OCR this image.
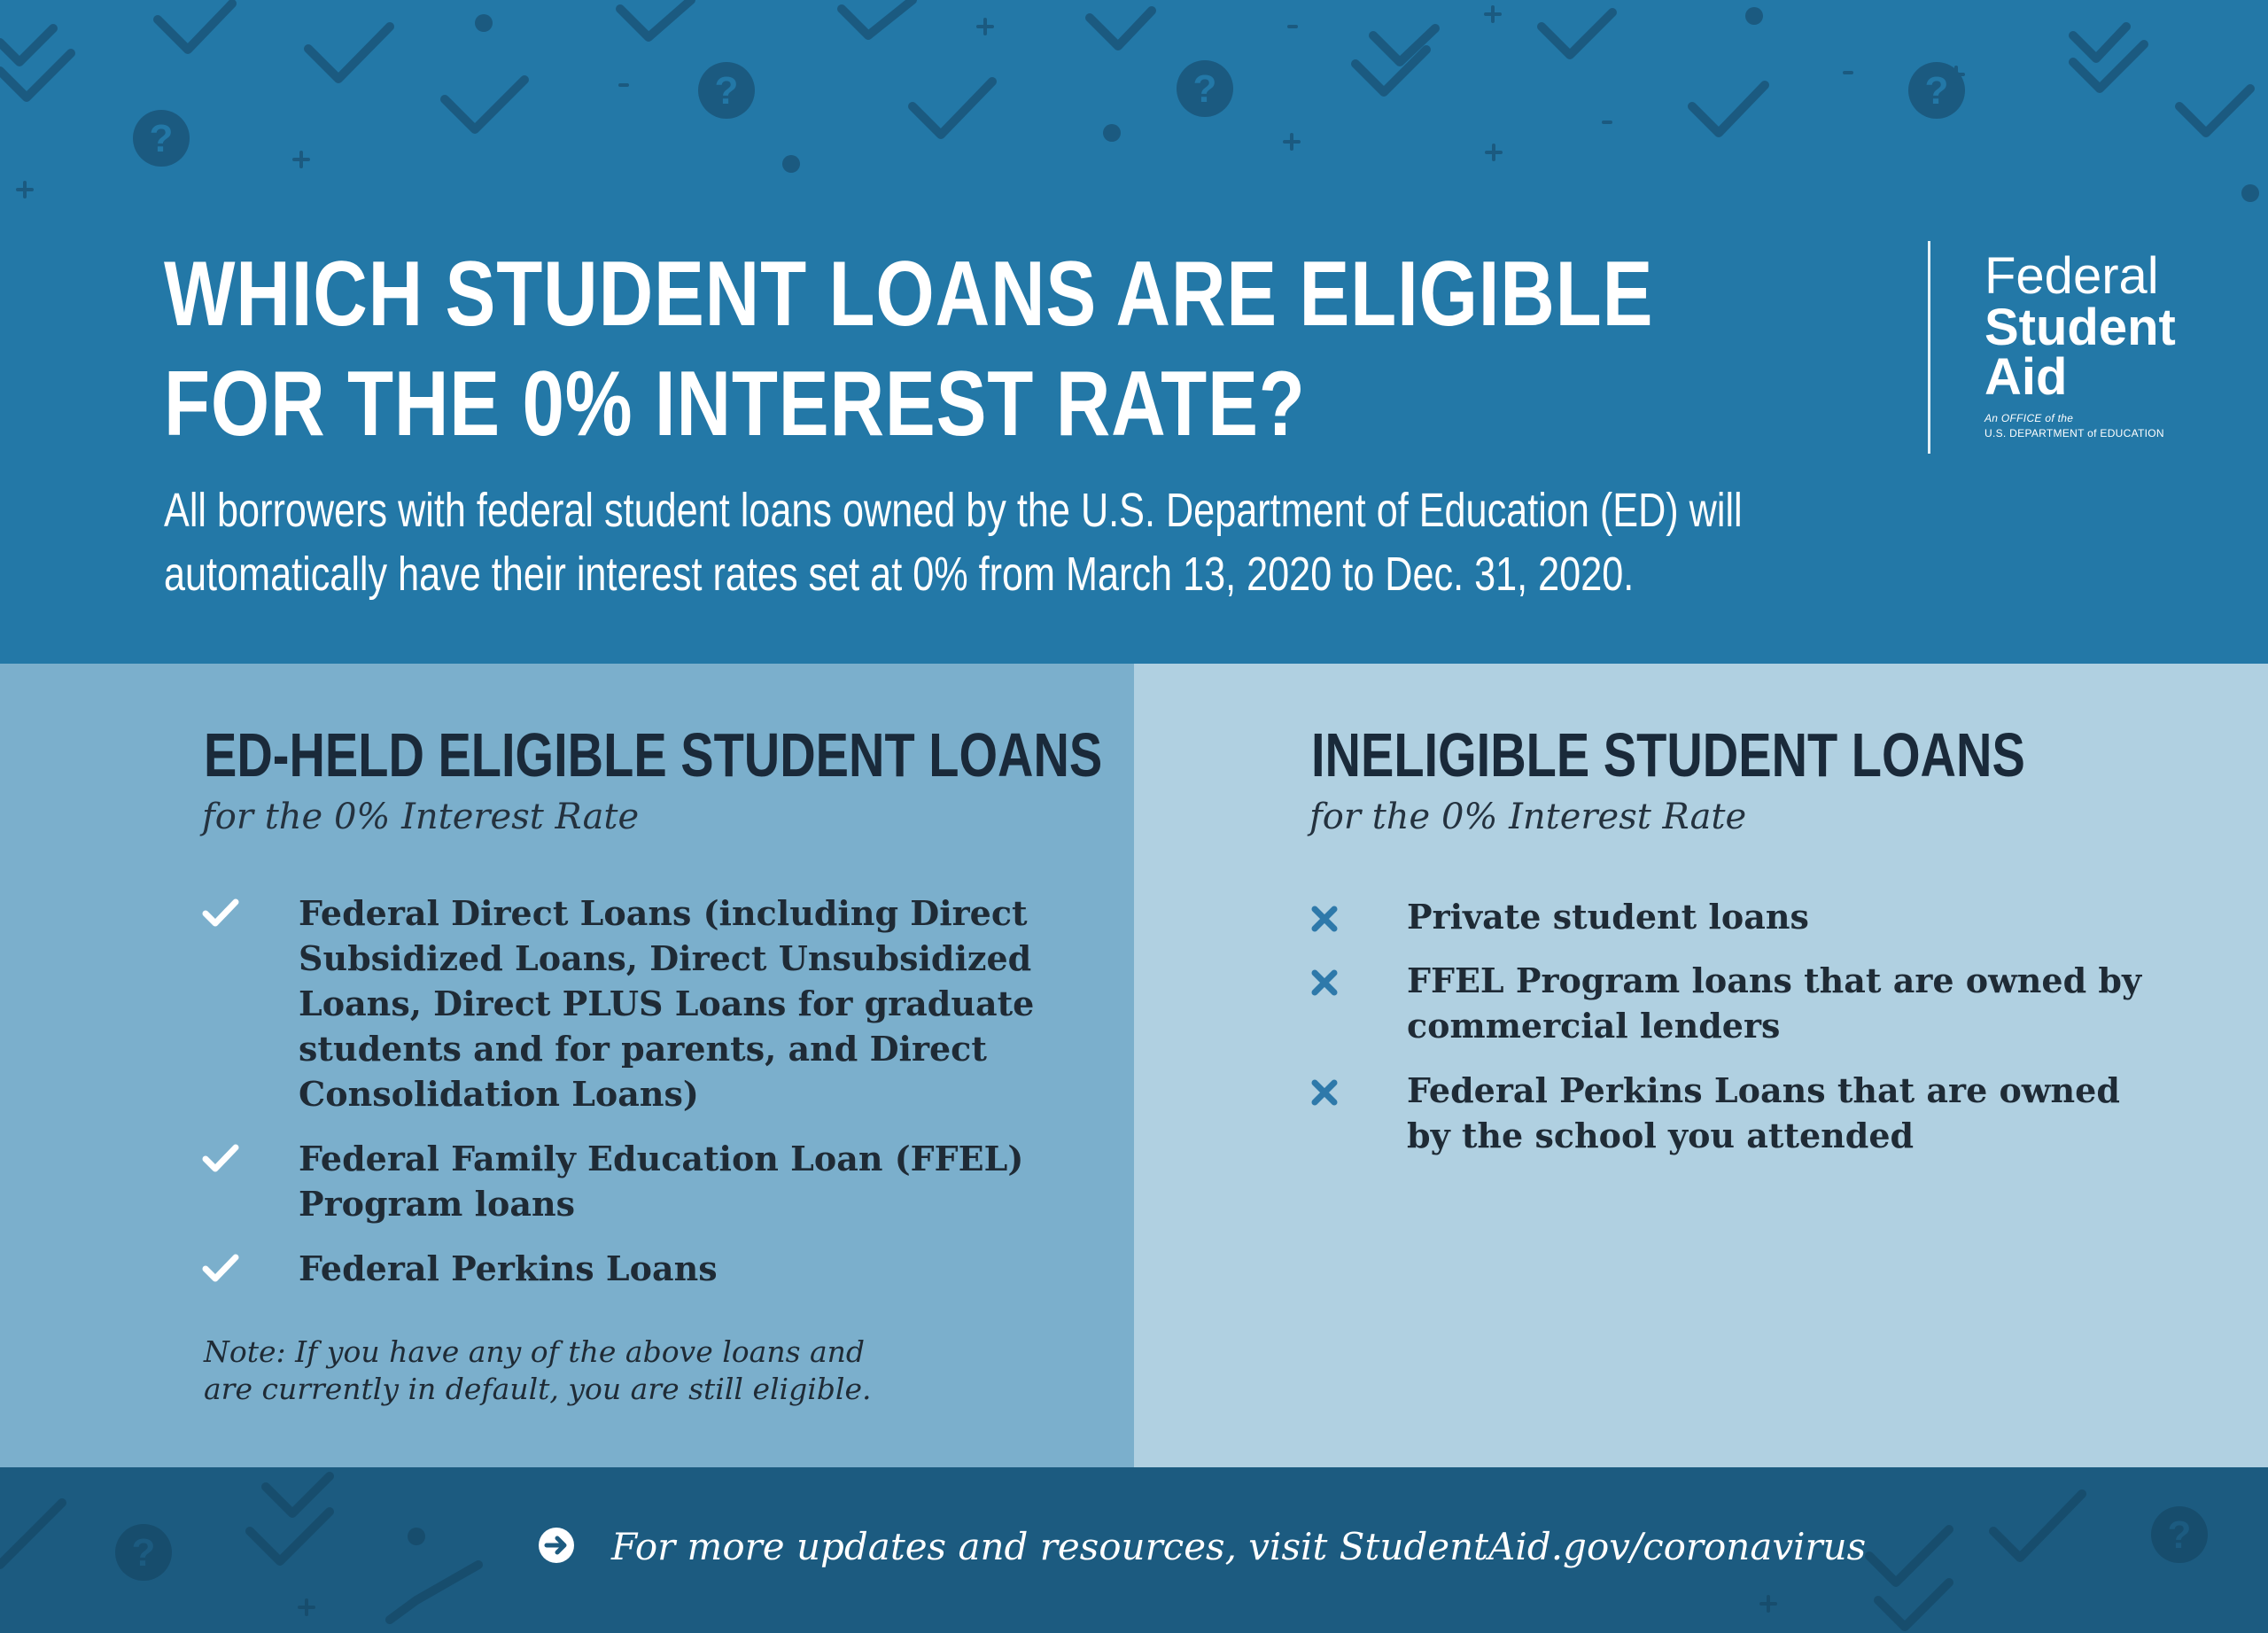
?
?	?	?
WHICH STUDENT LOANS ARE ELIGIBLE
FOR THE 0% INTEREST RATE?
All borrowers with federal student loans owned by the U.S. Department of Education (ED) will
automatically have their interest rates set at 0% from March 13, 2020 to Dec. 31, 2020.
Federal
Student
Aid
An OFFICE of the
U.S. DEPARTMENT of EDUCATION
ED-HELD ELIGIBLE STUDENT LOANS
for the 0% Interest Rate
Federal Direct Loans (including Direct
Subsidized Loans, Direct Unsubsidized
Loans, Direct PLUS Loans for graduate
students and for parents, and Direct
Consolidation Loans)
Federal Family Education Loan (FFEL)
Program loans
Federal Perkins Loans
Note: If you have any of the above loans and
are currently in default, you are still eligible.
INELIGIBLE STUDENT LOANS
for the 0% Interest Rate
Private student loans
FFEL Program loans that are owned by
commercial lenders
Federal Perkins Loans that are owned
by the school you attended
?	?
For more updates and resources, visit StudentAid.gov/coronavirus
